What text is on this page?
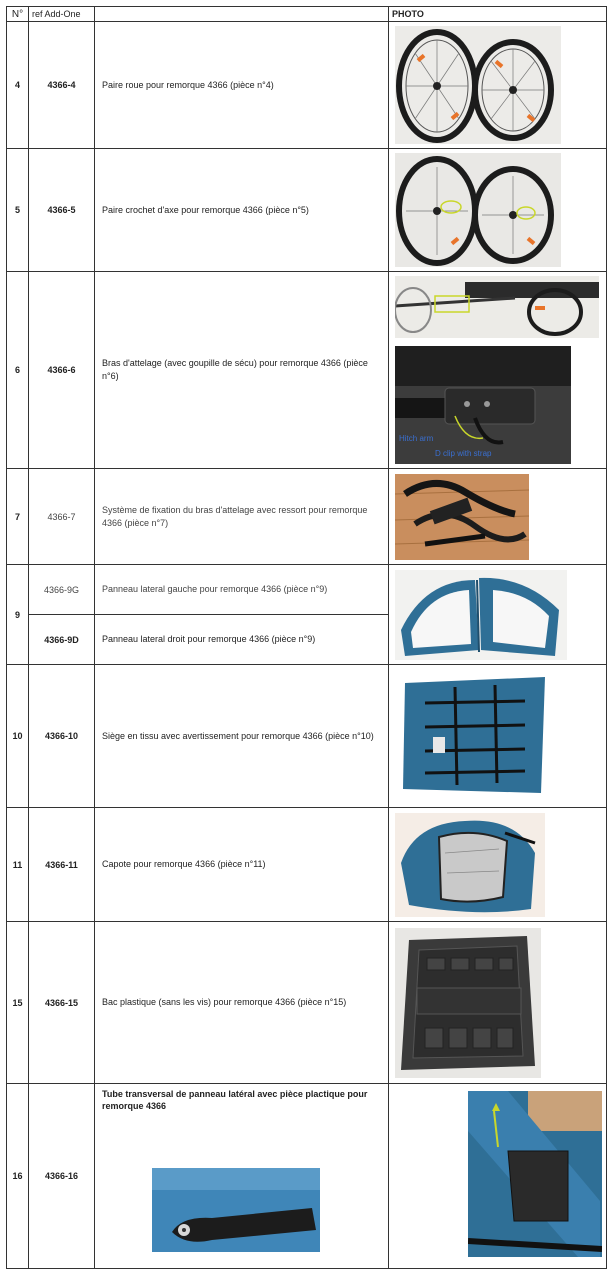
N°	ref Add-One		PHOTO
4	4366-4	Paire roue pour remorque 4366 (pièce n°4)	

5	4366-5	Paire crochet d'axe pour remorque 4366 (pièce n°5)	

6	4366-6	Bras d'attelage (avec goupille de sécu) pour remorque 4366 (pièce n°6)	Hitch arm
D clip with strap

7	4366-7	Système de fixation du bras d'attelage avec ressort pour remorque 4366 (pièce n°7)	

9	4366-9G	Panneau lateral gauche pour remorque 4366 (pièce n°9)	

	4366-9D	Panneau lateral droit pour remorque 4366 (pièce n°9)	
10	4366-10	Siège en tissu avec avertissement pour remorque 4366 (pièce n°10)	

11	4366-11	Capote pour remorque 4366 (pièce n°11)	

15	4366-15	Bac plastique (sans les vis) pour remorque 4366 (pièce n°15)	

16	4366-16	Tube transversal de panneau latéral avec pièce plactique pour remorque 4366
